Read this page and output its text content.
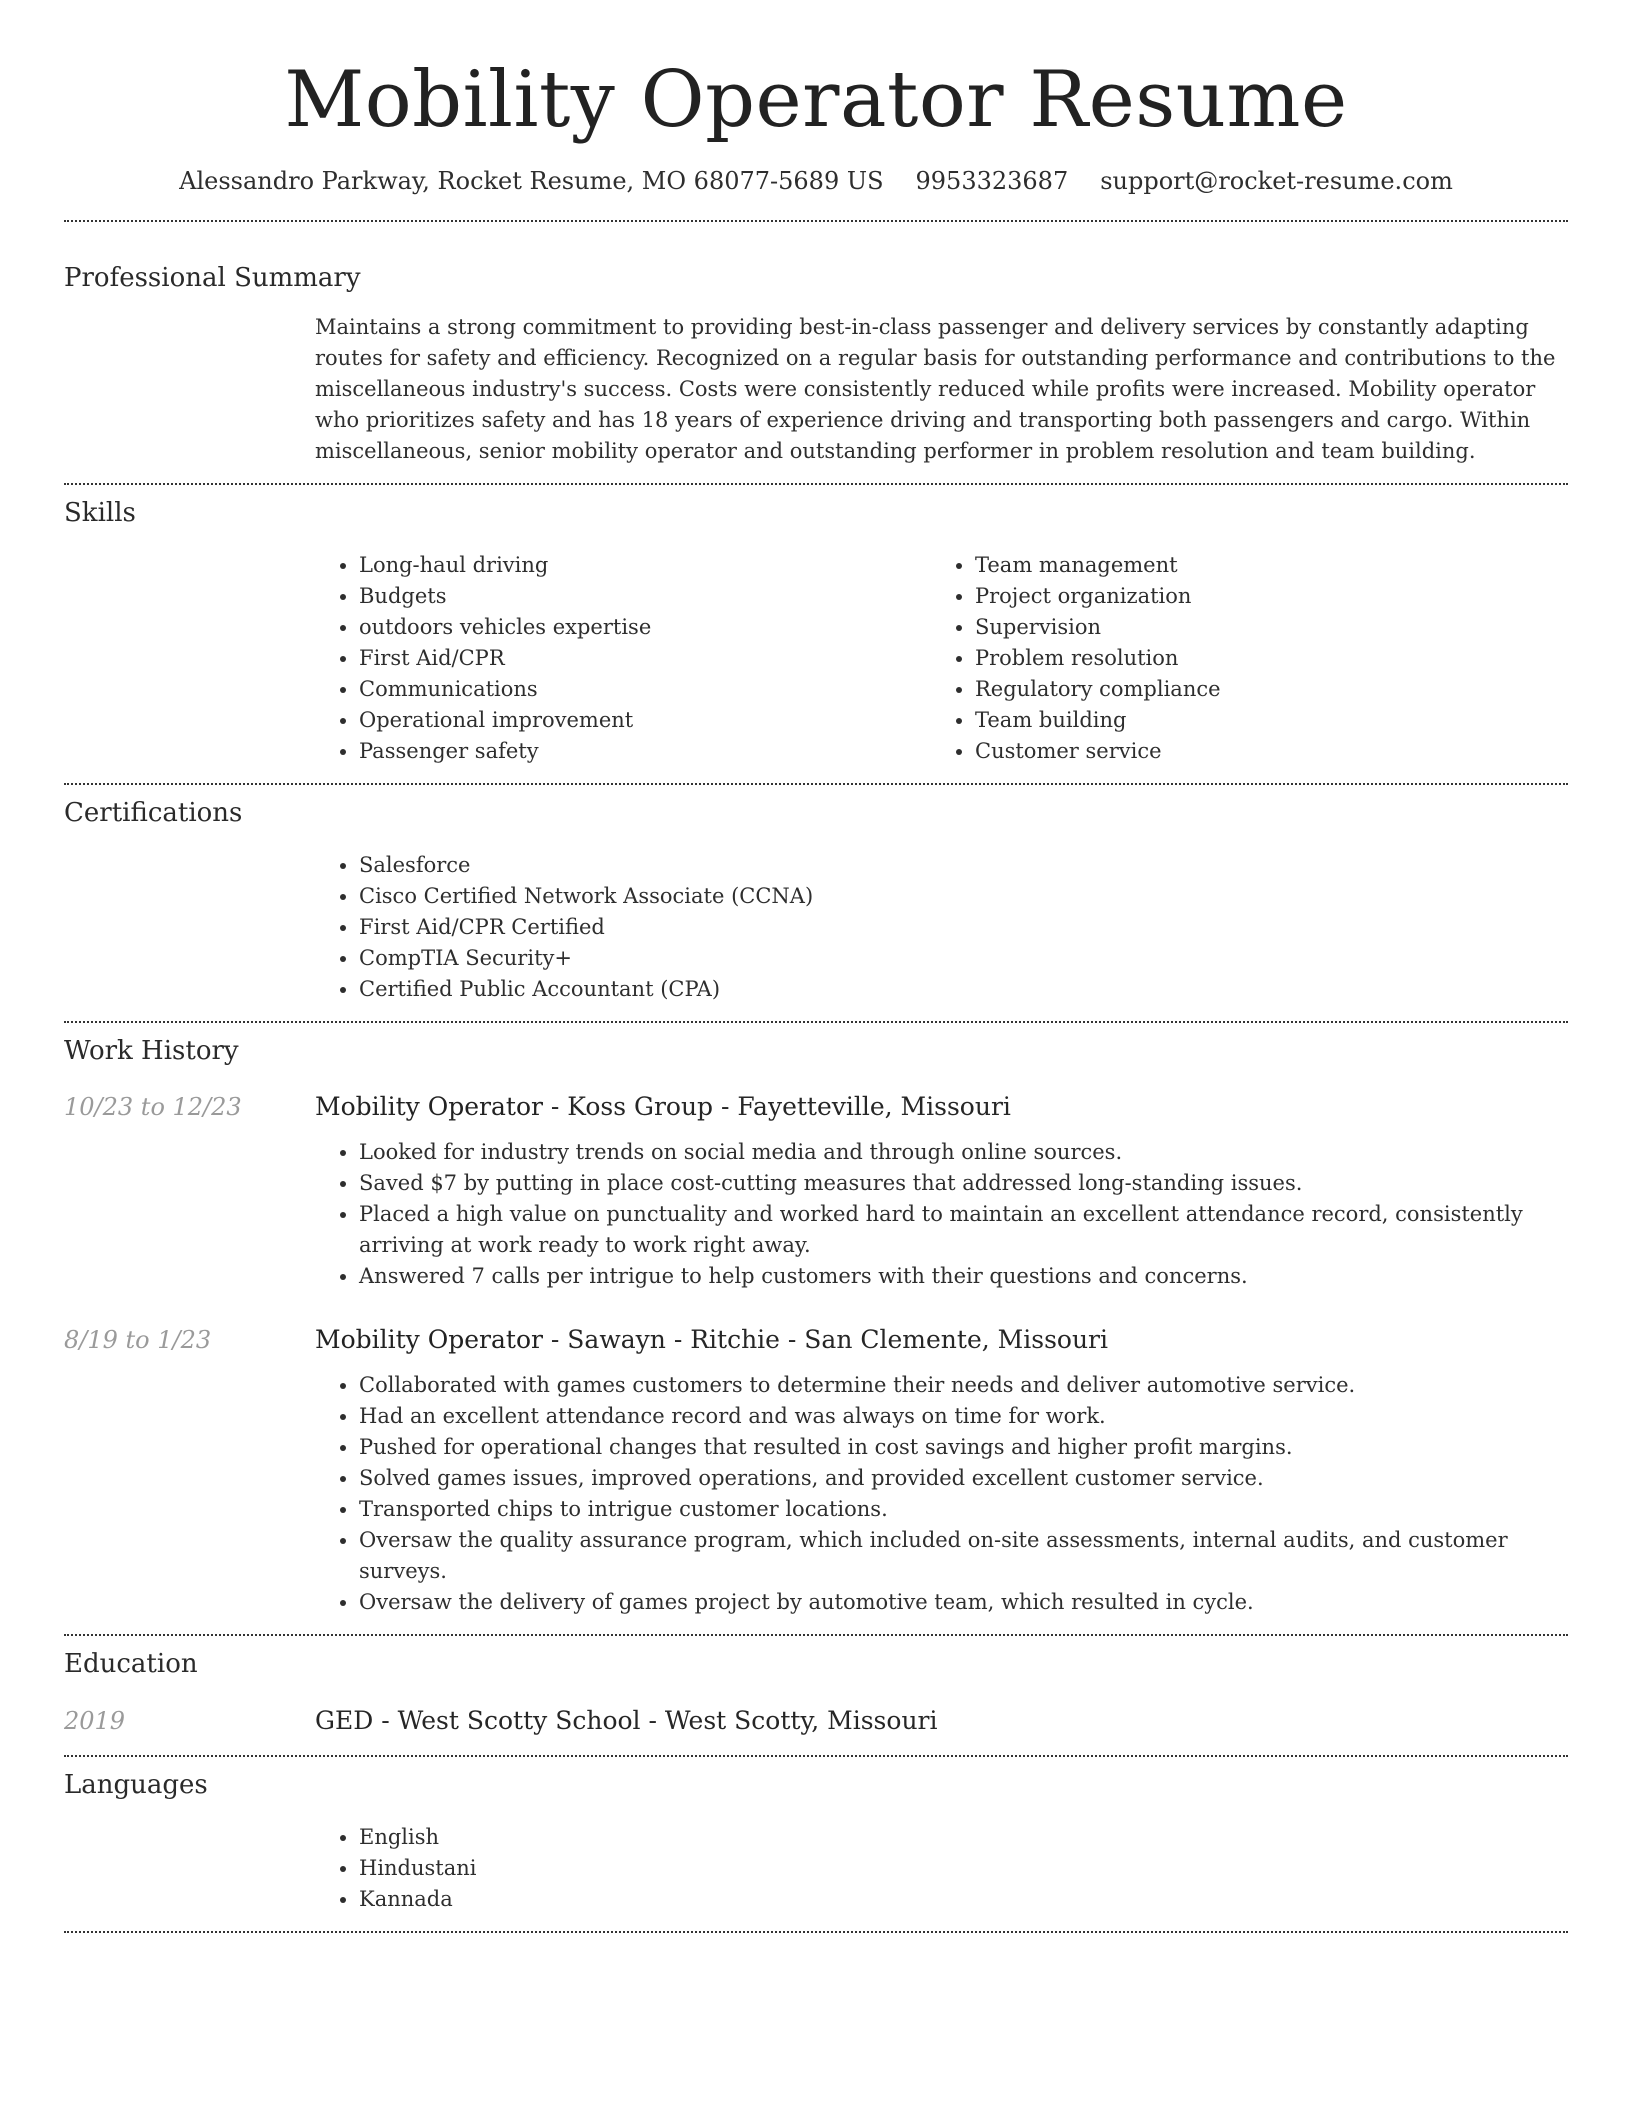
Mobility Operator Resume
Alessandro Parkway, Rocket Resume, MO 68077-5689 US 9953323687 support@rocket-resume.com
Professional Summary

Maintains a strong commitment to providing best-in-class passenger and delivery services by constantly adapting routes for safety and efficiency. Recognized on a regular basis for outstanding performance and contributions to the miscellaneous industry's success. Costs were consistently reduced while profits were increased. Mobility operator who prioritizes safety and has 18 years of experience driving and transporting both passengers and cargo. Within miscellaneous, senior mobility operator and outstanding performer in problem resolution and team building.

Skills
• Long-haul driving
• Budgets
• outdoors vehicles expertise
• First Aid/CPR
• Communications
• Operational improvement
• Passenger safety
• Team management
• Project organization
• Supervision
• Problem resolution
• Regulatory compliance
• Team building
• Customer service
Certifications
• Salesforce
• Cisco Certified Network Associate (CCNA)
• First Aid/CPR Certified
• CompTIA Security+
• Certified Public Accountant (CPA)
Work History
10/23 to 12/23	Mobility Operator - Koss Group - Fayetteville, Missouri
• Looked for industry trends on social media and through online sources.
• Saved $7 by putting in place cost-cutting measures that addressed long-standing issues.
• Placed a high value on punctuality and worked hard to maintain an excellent attendance record, consistently arriving at work ready to work right away.
• Answered 7 calls per intrigue to help customers with their questions and concerns.
8/19 to 1/23	Mobility Operator - Sawayn - Ritchie - San Clemente, Missouri
• Collaborated with games customers to determine their needs and deliver automotive service.
• Had an excellent attendance record and was always on time for work.
• Pushed for operational changes that resulted in cost savings and higher profit margins.
• Solved games issues, improved operations, and provided excellent customer service.
• Transported chips to intrigue customer locations.
• Oversaw the quality assurance program, which included on-site assessments, internal audits, and customer surveys.
• Oversaw the delivery of games project by automotive team, which resulted in cycle.
Education
2019	GED - West Scotty School - West Scotty, Missouri
Languages
• English
• Hindustani
• Kannada
